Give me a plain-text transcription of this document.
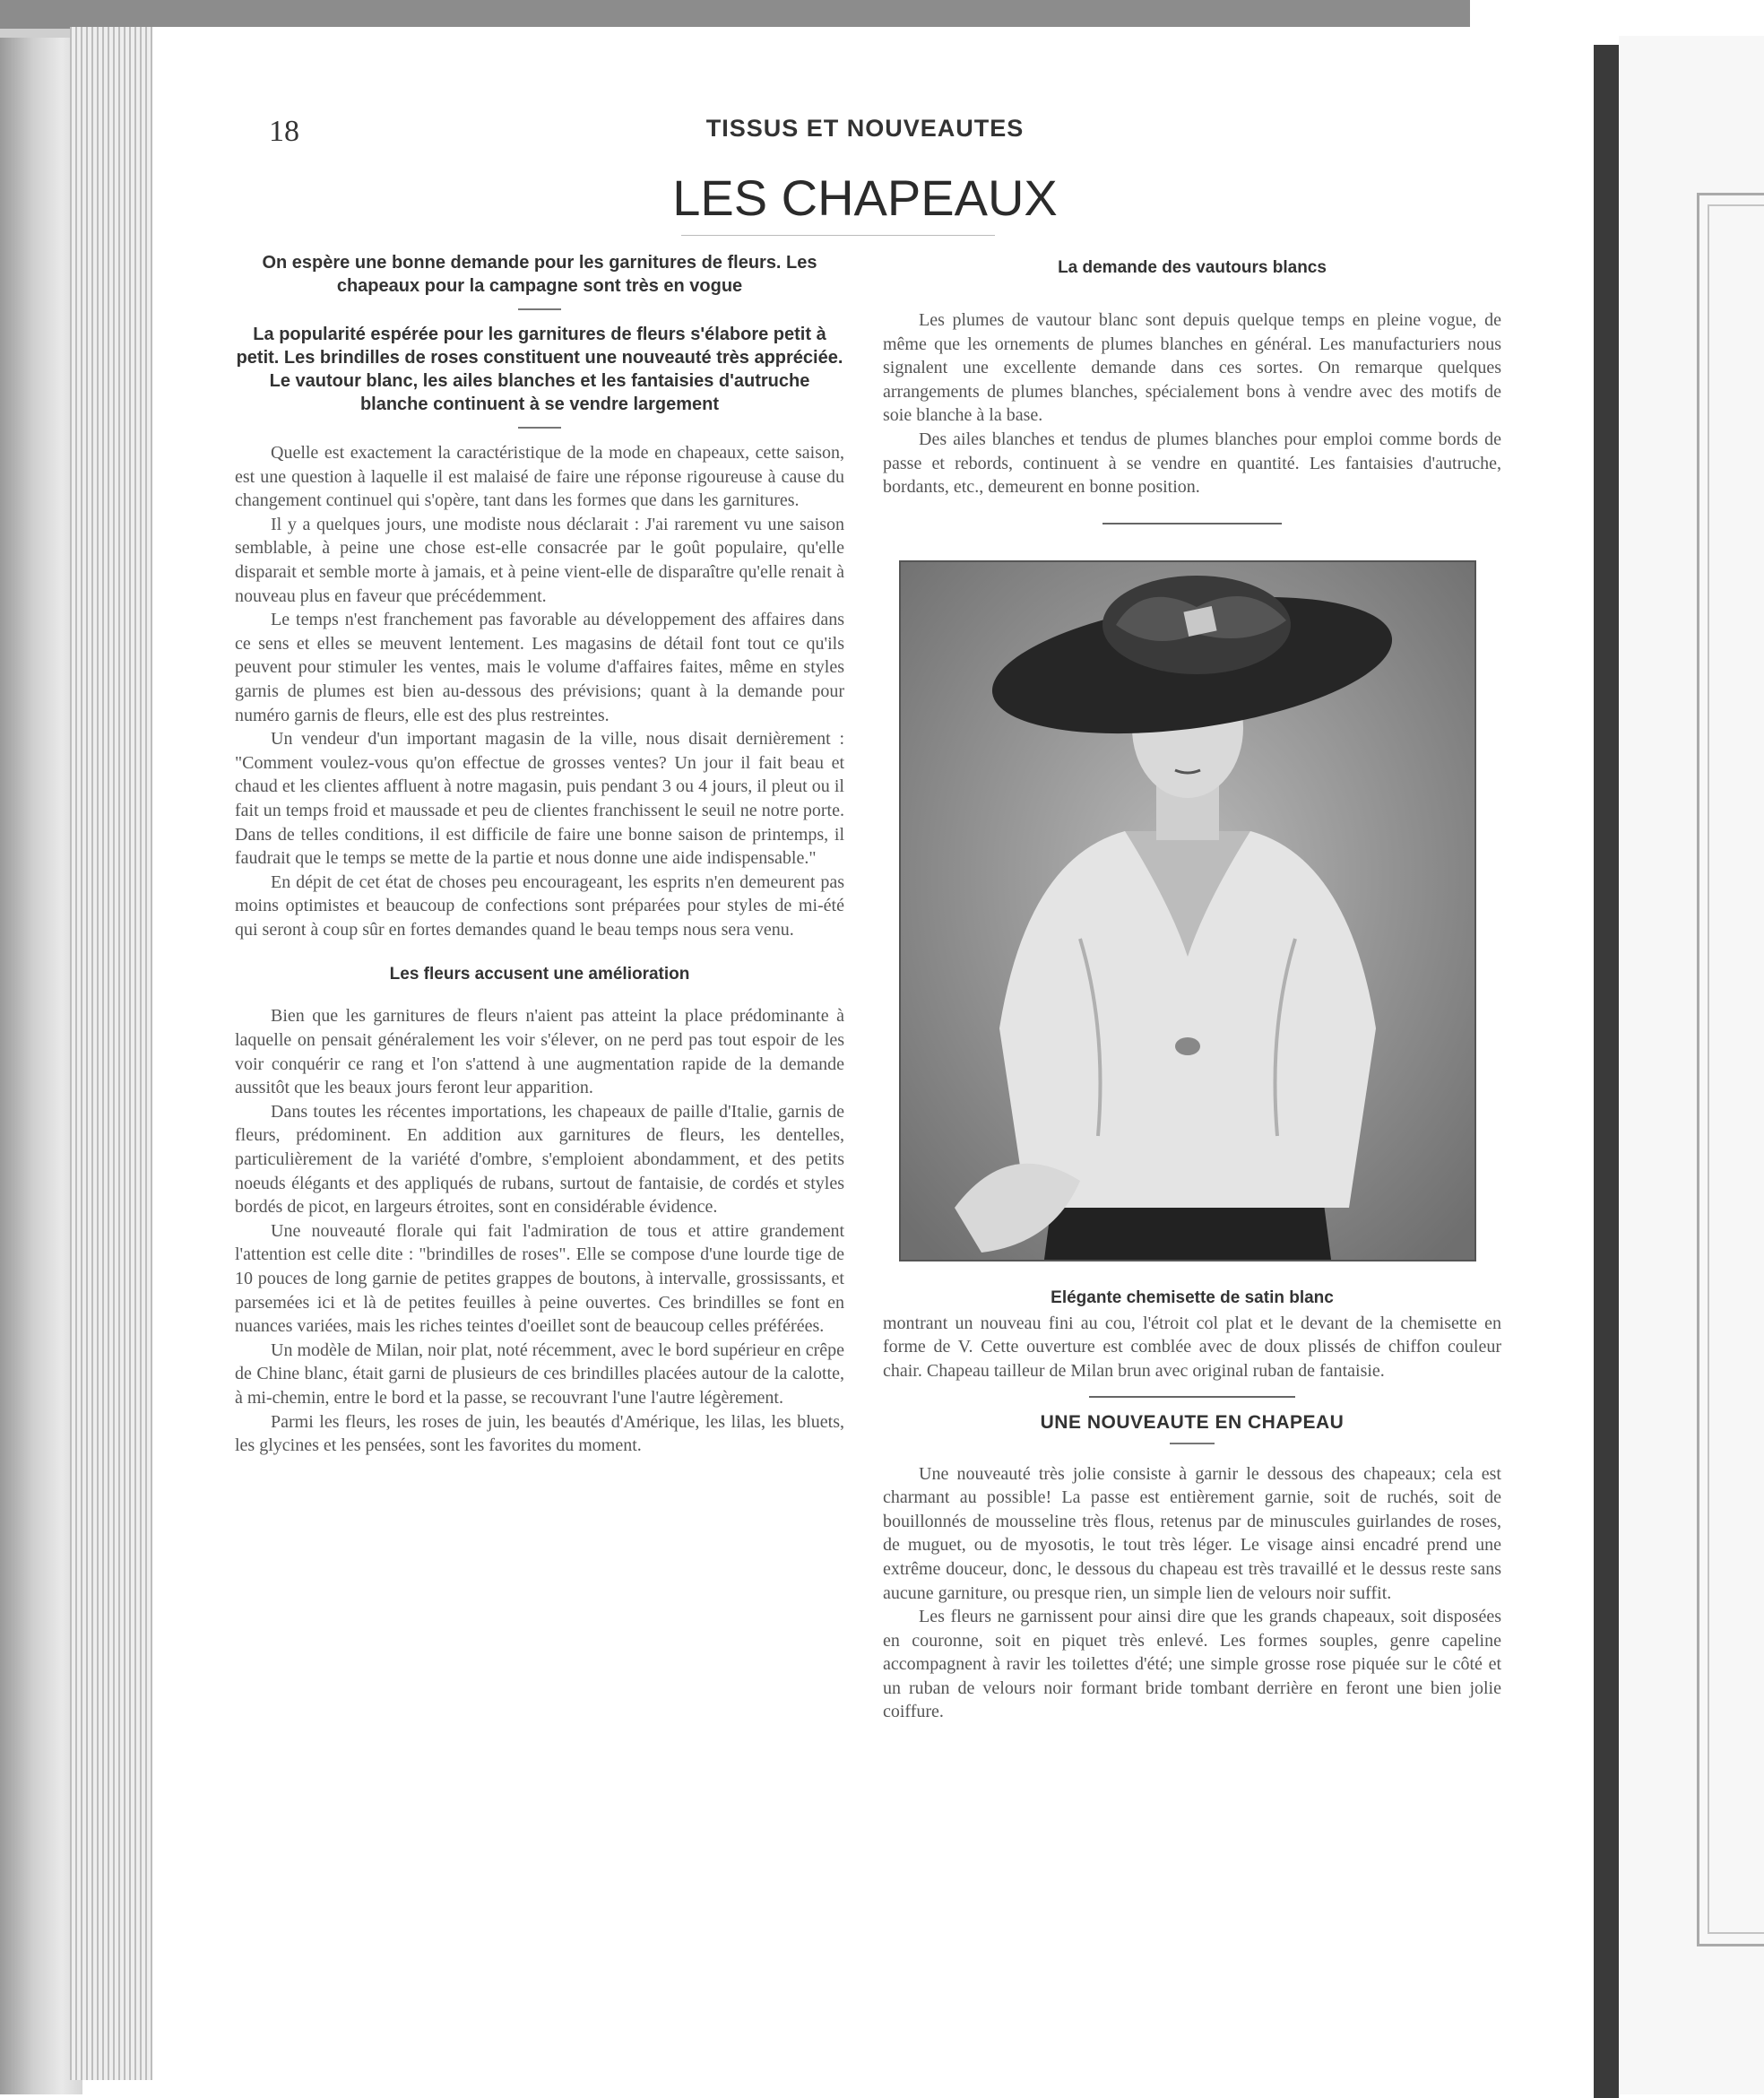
18	TISSUS ET NOUVEAUTES
LES CHAPEAUX

On espère une bonne demande pour les garnitures de fleurs. Les chapeaux pour la campagne sont très en vogue

La popularité espérée pour les garnitures de fleurs s'élabore petit à petit. Les brindilles de roses constituent une nouveauté très appréciée. Le vautour blanc, les ailes blanches et les fantaisies d'autruche blanche continuent à se vendre largement

Quelle est exactement la caractéristique de la mode en chapeaux, cette saison, est une question à laquelle il est malaisé de faire une réponse rigoureuse à cause du changement continuel qui s'opère, tant dans les formes que dans les garnitures.

Il y a quelques jours, une modiste nous déclarait : J'ai rarement vu une saison semblable, à peine une chose est-elle consacrée par le goût populaire, qu'elle disparait et semble morte à jamais, et à peine vient-elle de disparaître qu'elle renait à nouveau plus en faveur que précédemment.

Le temps n'est franchement pas favorable au développement des affaires dans ce sens et elles se meuvent lentement. Les magasins de détail font tout ce qu'ils peuvent pour stimuler les ventes, mais le volume d'affaires faites, même en styles garnis de plumes est bien au-dessous des prévisions; quant à la demande pour numéro garnis de fleurs, elle est des plus restreintes.

Un vendeur d'un important magasin de la ville, nous disait dernièrement : "Comment voulez-vous qu'on effectue de grosses ventes? Un jour il fait beau et chaud et les clientes affluent à notre magasin, puis pendant 3 ou 4 jours, il pleut ou il fait un temps froid et maussade et peu de clientes franchissent le seuil ne notre porte. Dans de telles conditions, il est difficile de faire une bonne saison de printemps, il faudrait que le temps se mette de la partie et nous donne une aide indispensable."

En dépit de cet état de choses peu encourageant, les esprits n'en demeurent pas moins optimistes et beaucoup de confections sont préparées pour styles de mi-été qui seront à coup sûr en fortes demandes quand le beau temps nous sera venu.

Les fleurs accusent une amélioration

Bien que les garnitures de fleurs n'aient pas atteint la place prédominante à laquelle on pensait généralement les voir s'élever, on ne perd pas tout espoir de les voir conquérir ce rang et l'on s'attend à une augmentation rapide de la demande aussitôt que les beaux jours feront leur apparition.

Dans toutes les récentes importations, les chapeaux de paille d'Italie, garnis de fleurs, prédominent. En addition aux garnitures de fleurs, les dentelles, particulièrement de la variété d'ombre, s'emploient abondamment, et des petits noeuds élégants et des appliqués de rubans, surtout de fantaisie, de cordés et styles bordés de picot, en largeurs étroites, sont en considérable évidence.

Une nouveauté florale qui fait l'admiration de tous et attire grandement l'attention est celle dite : "brindilles de roses". Elle se compose d'une lourde tige de 10 pouces de long garnie de petites grappes de boutons, à intervalle, grossissants, et parsemées ici et là de petites feuilles à peine ouvertes. Ces brindilles se font en nuances variées, mais les riches teintes d'oeillet sont de beaucoup celles préférées.

Un modèle de Milan, noir plat, noté récemment, avec le bord supérieur en crêpe de Chine blanc, était garni de plusieurs de ces brindilles placées autour de la calotte, à mi-chemin, entre le bord et la passe, se recouvrant l'une l'autre légèrement.

Parmi les fleurs, les roses de juin, les beautés d'Amérique, les lilas, les bluets, les glycines et les pensées, sont les favorites du moment.

La demande des vautours blancs

Les plumes de vautour blanc sont depuis quelque temps en pleine vogue, de même que les ornements de plumes blanches en général. Les manufacturiers nous signalent une excellente demande dans ces sortes. On remarque quelques arrangements de plumes blanches, spécialement bons à vendre avec des motifs de soie blanche à la base.

Des ailes blanches et tendus de plumes blanches pour emploi comme bords de passe et rebords, continuent à se vendre en quantité. Les fantaisies d'autruche, bordants, etc., demeurent en bonne position.

Elégante chemisette de satin blanc

montrant un nouveau fini au cou, l'étroit col plat et le devant de la chemisette en forme de V. Cette ouverture est comblée avec de doux plissés de chiffon couleur chair. Chapeau tailleur de Milan brun avec original ruban de fantaisie.

UNE NOUVEAUTE EN CHAPEAU

Une nouveauté très jolie consiste à garnir le dessous des chapeaux; cela est charmant au possible! La passe est entièrement garnie, soit de ruchés, soit de bouillonnés de mousseline très flous, retenus par de minuscules guirlandes de roses, de muguet, ou de myosotis, le tout très léger. Le visage ainsi encadré prend une extrême douceur, donc, le dessous du chapeau est très travaillé et le dessus reste sans aucune garniture, ou presque rien, un simple lien de velours noir suffit.

Les fleurs ne garnissent pour ainsi dire que les grands chapeaux, soit disposées en couronne, soit en piquet très enlevé. Les formes souples, genre capeline accompagnent à ravir les toilettes d'été; une simple grosse rose piquée sur le côté et un ruban de velours noir formant bride tombant derrière en feront une bien jolie coiffure.
